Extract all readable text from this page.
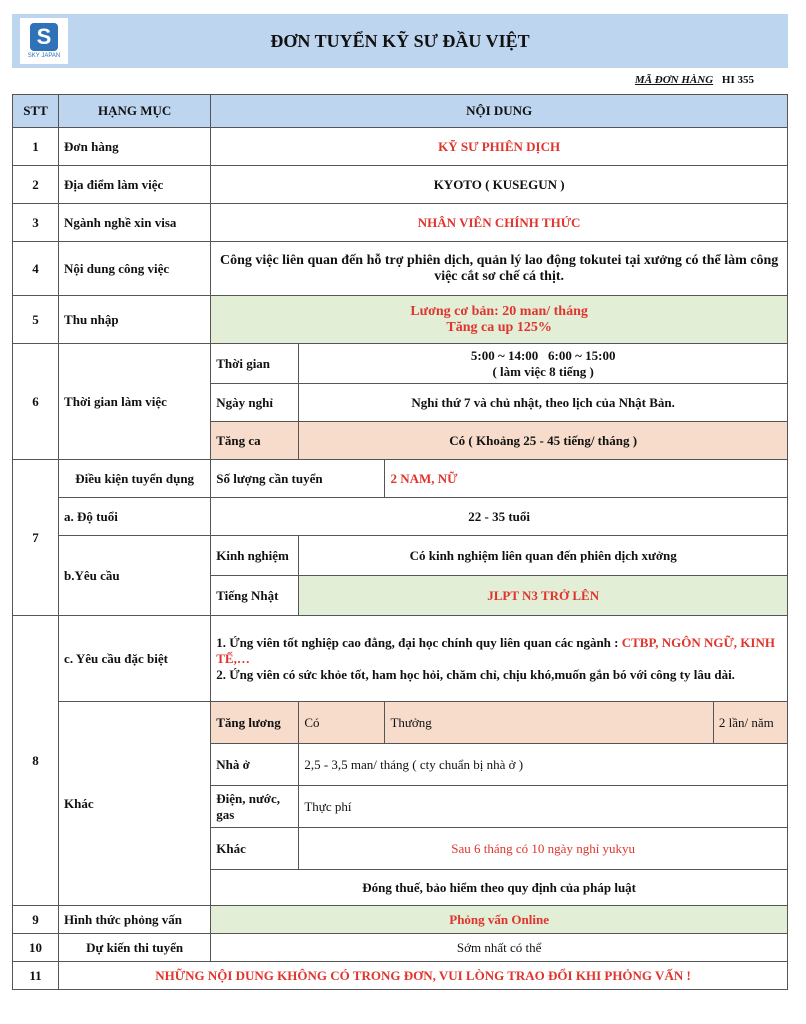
S
SKY JAPAN
ĐƠN TUYỂN KỸ SƯ ĐẦU VIỆT
MÃ ĐƠN HÀNG HI 355
STT	HẠNG MỤC	NỘI DUNG			
1	Đơn hàng	KỸ SƯ PHIÊN DỊCH			
2	Địa điểm làm việc	KYOTO ( KUSEGUN )			
3	Ngành nghề xin visa	NHÂN VIÊN CHÍNH THỨC			
4	Nội dung công việc	Công việc liên quan đến hỗ trợ phiên dịch, quản lý lao động tokutei tại xưởng có thể làm công việc cắt sơ chế cá thịt.			
5	Thu nhập	Lương cơ bản: 20 man/ tháng
Tăng ca up 125%			

6	Thời gian làm việc	Thời gian	5:00 ~ 14:00   6:00 ~ 15:00
( làm việc 8 tiếng )		

		Ngày nghỉ	Nghỉ thứ 7 và chủ nhật, theo lịch của Nhật Bản.		
		Tăng ca	Có ( Khoảng 25 - 45 tiếng/ tháng )		
7	Điều kiện tuyển dụng	Số lượng cần tuyển		2 NAM, NỮ	
	a. Độ tuổi	22 - 35 tuổi			
	b.Yêu cầu	Kinh nghiệm	Có kinh nghiệm liên quan đến phiên dịch xưởng		
		Tiếng Nhật	JLPT N3 TRỞ LÊN		
8	c. Yêu cầu đặc biệt	1. Ứng viên tốt nghiệp cao đẳng, đại học chính quy liên quan các ngành : CTBP, NGÔN NGỮ, KINH TẾ,…
2. Ứng viên có sức khỏe tốt, ham học hỏi, chăm chỉ, chịu khó,muốn gắn bó với công ty lâu dài.			

	Khác	Tăng lương	Có	Thưởng	2 lần/ năm
		Nhà ở	2,5 - 3,5 man/ tháng ( cty chuẩn bị nhà ở )		
		Điện, nước, gas	Thực phí		
		Khác	Sau 6 tháng có 10 ngày nghỉ yukyu		
		Đóng thuế, bảo hiểm theo quy định của pháp luật			
9	Hình thức phỏng vấn	Phỏng vấn Online			
10	Dự kiến thi tuyển	Sớm nhất có thể			
11	NHỮNG NỘI DUNG KHÔNG CÓ TRONG ĐƠN, VUI LÒNG TRAO ĐỔI KHI PHỎNG VẤN !				
